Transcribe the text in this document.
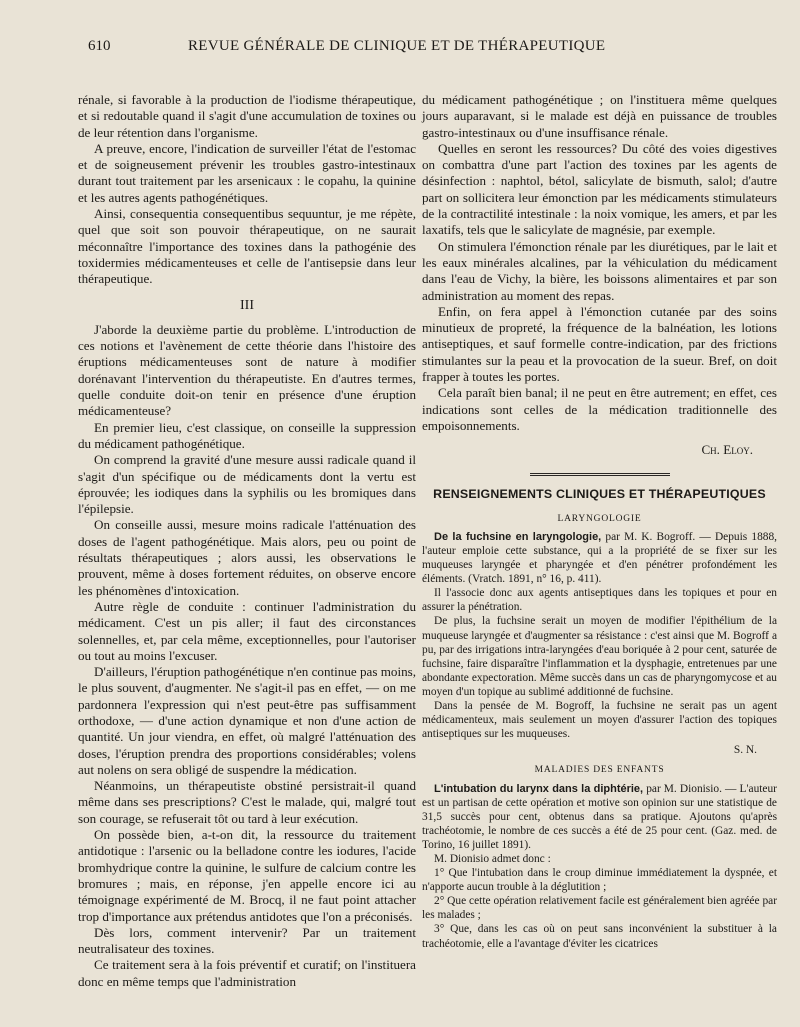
610	REVUE GÉNÉRALE DE CLINIQUE ET DE THÉRAPEUTIQUE

rénale, si favorable à la production de l'iodisme thérapeutique, et si redoutable quand il s'agit d'une accumulation de toxines ou de leur rétention dans l'organisme.

A preuve, encore, l'indication de surveiller l'état de l'estomac et de soigneusement prévenir les troubles gastro-intestinaux durant tout traitement par les arsenicaux : le copahu, la quinine et les autres agents pathogénétiques.

Ainsi, consequentia consequentibus sequuntur, je me répète, quel que soit son pouvoir thérapeutique, on ne saurait méconnaître l'importance des toxines dans la pathogénie des toxidermies médicamenteuses et celle de l'antisepsie dans leur thérapeutique.

III

J'aborde la deuxième partie du problème. L'introduction de ces notions et l'avènement de cette théorie dans l'histoire des éruptions médicamenteuses sont de nature à modifier dorénavant l'intervention du thérapeutiste. En d'autres termes, quelle conduite doit-on tenir en présence d'une éruption médicamenteuse?

En premier lieu, c'est classique, on conseille la suppression du médicament pathogénétique.

On comprend la gravité d'une mesure aussi radicale quand il s'agit d'un spécifique ou de médicaments dont la vertu est éprouvée; les iodiques dans la syphilis ou les bromiques dans l'épilepsie.

On conseille aussi, mesure moins radicale l'atténuation des doses de l'agent pathogénétique. Mais alors, peu ou point de résultats thérapeutiques ; alors aussi, les observations le prouvent, même à doses fortement réduites, on observe encore les phénomènes d'intoxication.

Autre règle de conduite : continuer l'administration du médicament. C'est un pis aller; il faut des circonstances solennelles, et, par cela même, exceptionnelles, pour l'autoriser ou tout au moins l'excuser.

D'ailleurs, l'éruption pathogénétique n'en continue pas moins, le plus souvent, d'augmenter. Ne s'agit-il pas en effet, — on me pardonnera l'expression qui n'est peut-être pas suffisamment orthodoxe, — d'une action dynamique et non d'une action de quantité. Un jour viendra, en effet, où malgré l'atténuation des doses, l'éruption prendra des proportions considérables; volens aut nolens on sera obligé de suspendre la médication.

Néanmoins, un thérapeutiste obstiné persistrait-il quand même dans ses prescriptions? C'est le malade, qui, malgré tout son courage, se refuserait tôt ou tard à leur exécution.

On possède bien, a-t-on dit, la ressource du traitement antidotique : l'arsenic ou la belladone contre les iodures, l'acide bromhydrique contre la quinine, le sulfure de calcium contre les bromures ; mais, en réponse, j'en appelle encore ici au témoignage expérimenté de M. Brocq, il ne faut point attacher trop d'importance aux prétendus antidotes que l'on a préconisés.

Dès lors, comment intervenir? Par un traitement neutralisateur des toxines.

Ce traitement sera à la fois préventif et curatif; on l'instituera donc en même temps que l'administration

du médicament pathogénétique ; on l'instituera même quelques jours auparavant, si le malade est déjà en puissance de troubles gastro-intestinaux ou d'une insuffisance rénale.

Quelles en seront les ressources? Du côté des voies digestives on combattra d'une part l'action des toxines par les agents de désinfection : naphtol, bétol, salicylate de bismuth, salol; d'autre part on sollicitera leur émonction par les médicaments stimulateurs de la contractilité intestinale : la noix vomique, les amers, et par les laxatifs, tels que le salicylate de magnésie, par exemple.

On stimulera l'émonction rénale par les diurétiques, par le lait et les eaux minérales alcalines, par la véhiculation du médicament dans l'eau de Vichy, la bière, les boissons alimentaires et par son administration au moment des repas.

Enfin, on fera appel à l'émonction cutanée par des soins minutieux de propreté, la fréquence de la balnéation, les lotions antiseptiques, et sauf formelle contre-indication, par des frictions stimulantes sur la peau et la provocation de la sueur. Bref, on doit frapper à toutes les portes.

Cela paraît bien banal; il ne peut en être autrement; en effet, ces indications sont celles de la médication traditionnelle des empoisonnements.

Ch. Eloy.
RENSEIGNEMENTS CLINIQUES ET THÉRAPEUTIQUES
LARYNGOLOGIE

De la fuchsine en laryngologie, par M. K. Bogroff. — Depuis 1888, l'auteur emploie cette substance, qui a la propriété de se fixer sur les muqueuses laryngée et pharyngée et d'en pénétrer profondément les éléments. (Vratch. 1891, n° 16, p. 411).

Il l'associe donc aux agents antiseptiques dans les topiques et pour en assurer la pénétration.

De plus, la fuchsine serait un moyen de modifier l'épithélium de la muqueuse laryngée et d'augmenter sa résistance : c'est ainsi que M. Bogroff a pu, par des irrigations intra-laryngées d'eau boriquée à 2 pour cent, saturée de fuchsine, faire disparaître l'inflammation et la dysphagie, entretenues par une abondante expectoration. Même succès dans un cas de pharyngomycose et au moyen d'un topique au sublimé additionné de fuchsine.

Dans la pensée de M. Bogroff, la fuchsine ne serait pas un agent médicamenteux, mais seulement un moyen d'assurer l'action des topiques antiseptiques sur les muqueuses.

S. N.
MALADIES DES ENFANTS

L'intubation du larynx dans la diphtérie, par M. Dionisio. — L'auteur est un partisan de cette opération et motive son opinion sur une statistique de 31,5 succès pour cent, obtenus dans sa pratique. Ajoutons qu'après trachéotomie, le nombre de ces succès a été de 25 pour cent. (Gaz. med. de Torino, 16 juillet 1891).

M. Dionisio admet donc :

1° Que l'intubation dans le croup diminue immédiatement la dyspnée, et n'apporte aucun trouble à la déglutition ;

2° Que cette opération relativement facile est généralement bien agréée par les malades ;

3° Que, dans les cas où on peut sans inconvénient la substituer à la trachéotomie, elle a l'avantage d'éviter les cicatrices
